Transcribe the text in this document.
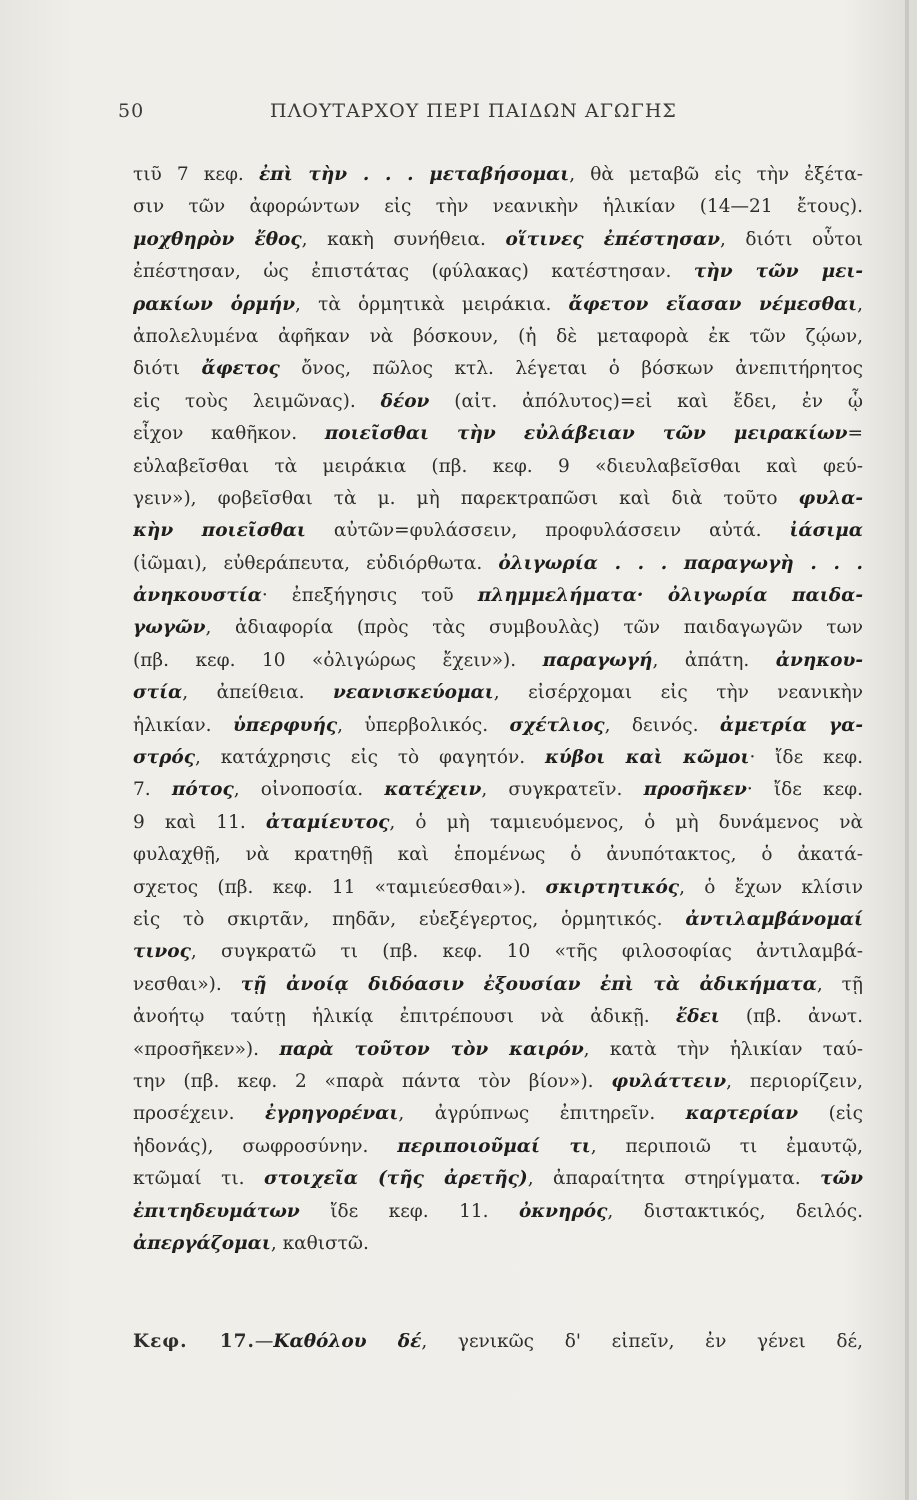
50	ΠΛΟΥΤΑΡΧΟΥ ΠΕΡΙ ΠΑΙΔΩΝ ΑΓΩΓΗΣ
τιῦ 7 κεφ. ἐπὶ τὴν . . . μεταβήσομαι, θὰ μεταβῶ εἰς τὴν ἐξέτα-
σιν τῶν ἀφορώντων εἰς τὴν νεανικὴν ἡλικίαν (14—21 ἔτους).
μοχθηρὸν ἔθος, κακὴ συνήθεια. οἵτινες ἐπέστησαν, διότι οὗτοι
ἐπέστησαν, ὡς ἐπιστάτας (φύλακας) κατέστησαν. τὴν τῶν μει-
ρακίων ὁρμήν, τὰ ὁρμητικὰ μειράκια. ἄφετον εἴασαν νέμεσθαι,
ἀπολελυμένα ἀφῆκαν νὰ βόσκουν, (ἡ δὲ μεταφορὰ ἐκ τῶν ζῴων,
διότι ἄφετος ὄνος, πῶλος κτλ. λέγεται ὁ βόσκων ἀνεπιτήρητος
εἰς τοὺς λειμῶνας). δέον (αἰτ. ἀπόλυτος)=εἰ καὶ ἔδει, ἐν ᾧ
εἶχον καθῆκον. ποιεῖσθαι τὴν εὐλάβειαν τῶν μειρακίων=
εὐλαβεῖσθαι τὰ μειράκια (πβ. κεφ. 9 «διευλαβεῖσθαι καὶ φεύ-
γειν»), φοβεῖσθαι τὰ μ. μὴ παρεκτραπῶσι καὶ διὰ τοῦτο φυλα-
κὴν ποιεῖσθαι αὐτῶν=φυλάσσειν, προφυλάσσειν αὐτά. ἰάσιμα
(ἰῶμαι), εὐθεράπευτα, εὐδιόρθωτα. ὀλιγωρία . . . παραγωγὴ . . .
ἀνηκουστία· ἐπεξήγησις τοῦ πλημμελήματα· ὀλιγωρία παιδα-
γωγῶν, ἀδιαφορία (πρὸς τὰς συμβουλὰς) τῶν παιδαγωγῶν των
(πβ. κεφ. 10 «ὀλιγώρως ἔχειν»). παραγωγή, ἀπάτη. ἀνηκου-
στία, ἀπείθεια. νεανισκεύομαι, εἰσέρχομαι εἰς τὴν νεανικὴν
ἡλικίαν. ὑπερφυής, ὑπερβολικός. σχέτλιος, δεινός. ἀμετρία γα-
στρός, κατάχρησις εἰς τὸ φαγητόν. κύβοι καὶ κῶμοι· ἴδε κεφ.
7. πότος, οἰνοποσία. κατέχειν, συγκρατεῖν. προσῆκεν· ἴδε κεφ.
9 καὶ 11. ἀταμίευτος, ὁ μὴ ταμιευόμενος, ὁ μὴ δυνάμενος νὰ
φυλαχθῇ, νὰ κρατηθῇ καὶ ἑπομένως ὁ ἀνυπότακτος, ὁ ἀκατά-
σχετος (πβ. κεφ. 11 «ταμιεύεσθαι»). σκιρτητικός, ὁ ἔχων κλίσιν
εἰς τὸ σκιρτᾶν, πηδᾶν, εὐεξέγερτος, ὁρμητικός. ἀντιλαμβάνομαί
τινος, συγκρατῶ τι (πβ. κεφ. 10 «τῆς φιλοσοφίας ἀντιλαμβά-
νεσθαι»). τῇ ἀνοίᾳ διδόασιν ἐξουσίαν ἐπὶ τὰ ἀδικήματα, τῇ
ἀνοήτῳ ταύτῃ ἡλικίᾳ ἐπιτρέπουσι νὰ ἀδικῇ. ἔδει (πβ. ἀνωτ.
«προσῆκεν»). παρὰ τοῦτον τὸν καιρόν, κατὰ τὴν ἡλικίαν ταύ-
την (πβ. κεφ. 2 «παρὰ πάντα τὸν βίον»). φυλάττειν, περιορίζειν,
προσέχειν. ἐγρηγορέναι, ἀγρύπνως ἐπιτηρεῖν. καρτερίαν (εἰς
ἡδονάς), σωφροσύνην. περιποιοῦμαί τι, περιποιῶ τι ἐμαυτῷ,
κτῶμαί τι. στοιχεῖα (τῆς ἀρετῆς), ἀπαραίτητα στηρίγματα. τῶν
ἐπιτηδευμάτων ἴδε κεφ. 11. ὀκνηρός, διστακτικός, δειλός.
ἀπεργάζομαι, καθιστῶ.
Κεφ. 17.—Καθόλου δέ, γενικῶς δ' εἰπεῖν, ἐν γένει δέ,
